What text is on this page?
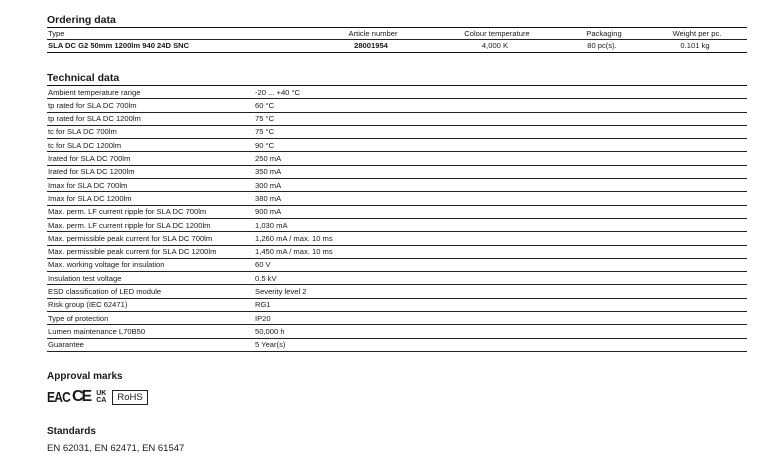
Ordering data
Type	Article number	Colour temperature	Packaging	Weight per pc.
SLA DC G2 50mm 1200lm 940 24D SNC	28001954	4,000 K	80 pc(s).	0.101 kg
Technical data
Ambient temperature range	-20 ... +40 °C
tp rated for SLA DC 700lm	60 °C
tp rated for SLA DC 1200lm	75 °C
tc for SLA DC 700lm	75 °C
tc for SLA DC 1200lm	90 °C
Irated for SLA DC 700lm	250 mA
Irated for SLA DC 1200lm	350 mA
Imax for SLA DC 700lm	300 mA
Imax for SLA DC 1200lm	380 mA
Max. perm. LF current ripple for SLA DC 700lm	900 mA
Max. perm. LF current ripple for SLA DC 1200lm	1,030 mA
Max. permissible peak current for SLA DC 700lm	1,260 mA / max. 10 ms
Max. permissible peak current for SLA DC 1200lm	1,450 mA / max. 10 ms
Max. working voltage for insulation	60 V
Insulation test voltage	0.5 kV
ESD classification of LED module	Severity level 2
Risk group (IEC 62471)	RG1
Type of protection	IP20
Lumen maintenance L70B50	50,000 h
Guarantee	5 Year(s)
Approval marks
EAC CE UK
CA	RoHS
Standards
EN 62031, EN 62471, EN 61547
